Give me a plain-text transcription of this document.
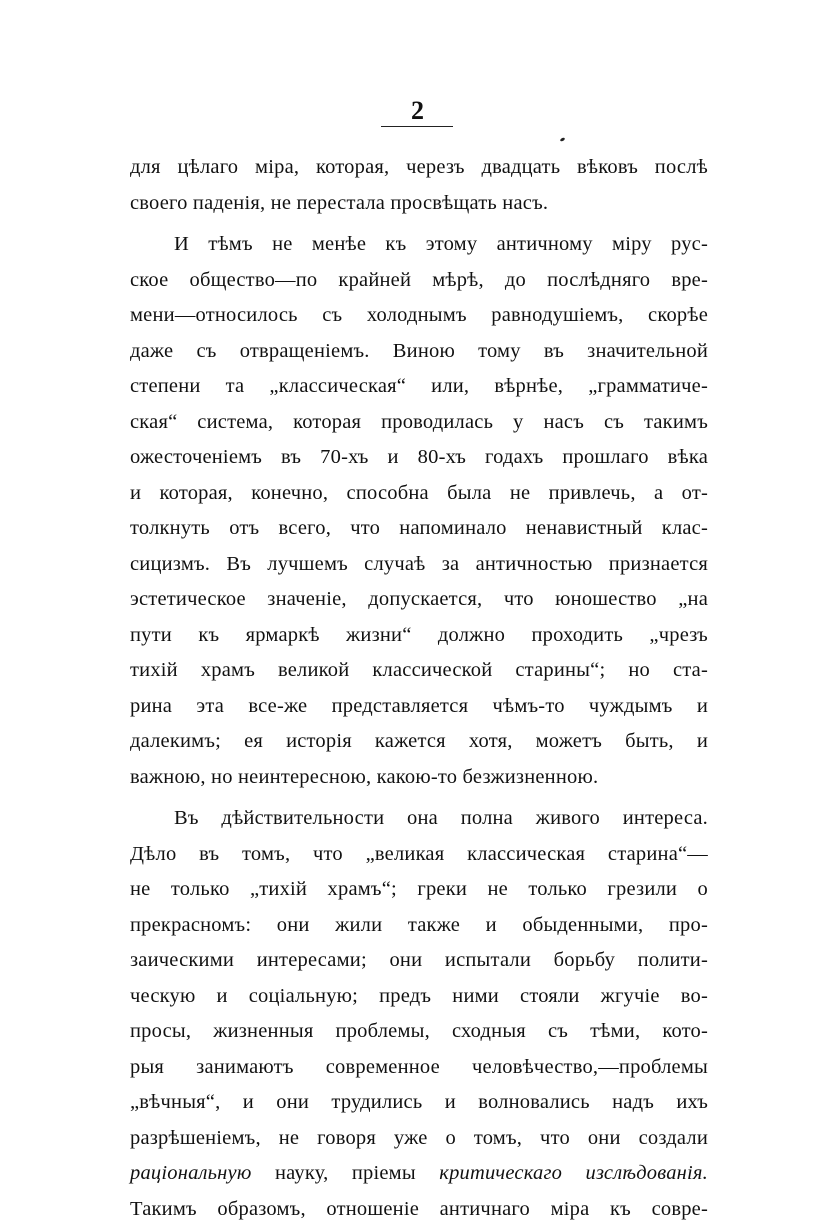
2
для цѣлаго міра, которая, черезъ двадцать вѣковъ послѣ
своего паденія, не перестала просвѣщать насъ.
И тѣмъ не менѣе къ этому античному міру рус-
ское общество—по крайней мѣрѣ, до послѣдняго вре-
мени—относилось съ холоднымъ равнодушіемъ, скорѣе
даже съ отвращеніемъ. Виною тому въ значительной
степени та „классическая“ или, вѣрнѣе, „грамматиче-
ская“ система, которая проводилась у насъ съ такимъ
ожесточеніемъ въ 70-хъ и 80-хъ годахъ прошлаго вѣка
и которая, конечно, способна была не привлечь, а от-
толкнуть отъ всего, что напоминало ненавистный клас-
сицизмъ. Въ лучшемъ случаѣ за античностью признается
эстетическое значеніе, допускается, что юношество „на
пути къ ярмаркѣ жизни“ должно проходить „чрезъ
тихій храмъ великой классической старины“; но ста-
рина эта все-же представляется чѣмъ-то чуждымъ и
далекимъ; ея исторія кажется хотя, можетъ быть, и
важною, но неинтересною, какою-то безжизненною.
Въ дѣйствительности она полна живого интереса.
Дѣло въ томъ, что „великая классическая старина“—
не только „тихій храмъ“; греки не только грезили о
прекрасномъ: они жили также и обыденными, про-
заическими интересами; они испытали борьбу полити-
ческую и соціальную; предъ ними стояли жгучіе во-
просы, жизненныя проблемы, сходныя съ тѣми, кото-
рыя занимаютъ современное человѣчество,—проблемы
„вѣчныя“, и они трудились и волновались надъ ихъ
разрѣшеніемъ, не говоря уже о томъ, что они создали
раціональную науку, пріемы критическаго изслѣдованія.
Такимъ образомъ, отношеніе античнаго міра къ совре-
